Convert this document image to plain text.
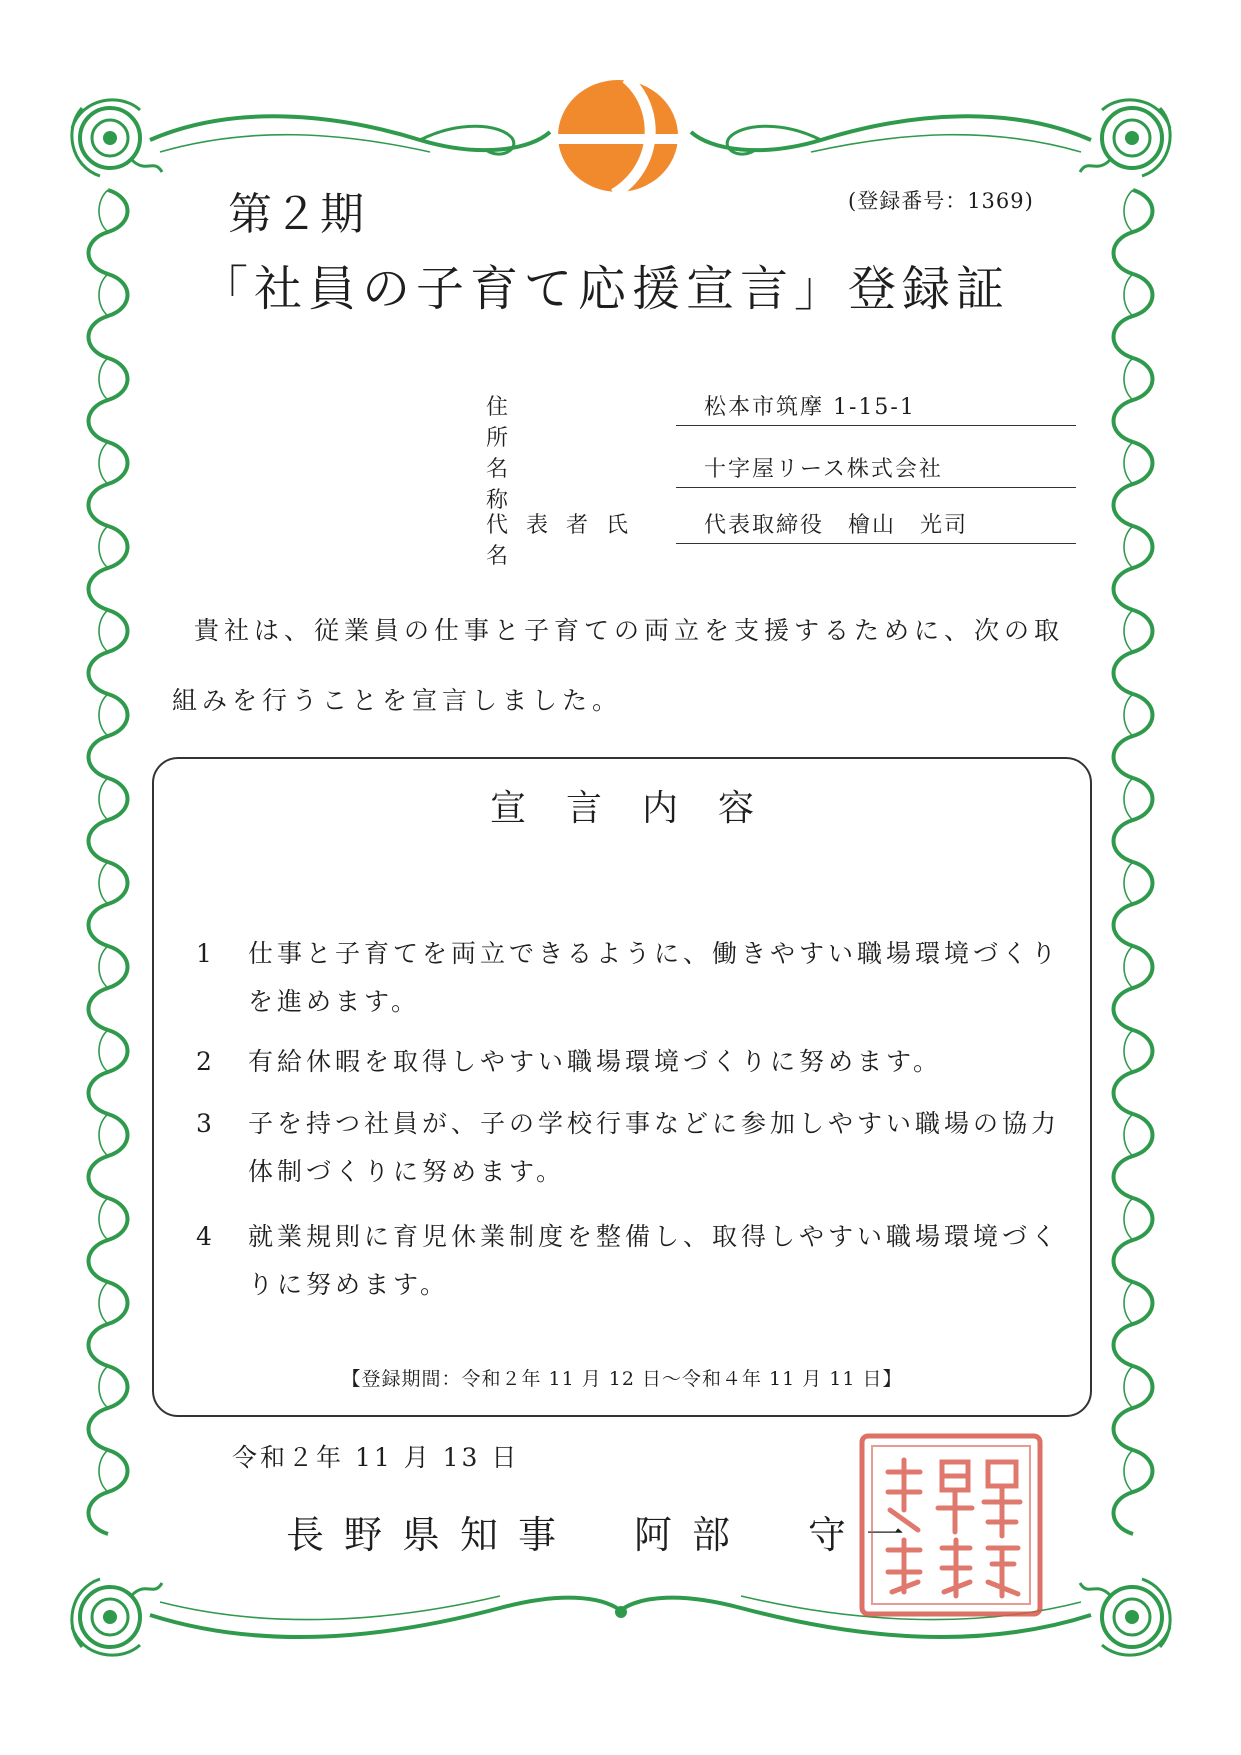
第２期	(登録番号：1369)
「社員の子育て応援宣言」登録証
住所
松本市筑摩 1-15-1
名称
十字屋リース株式会社
代表者氏名
代表取締役　檜山　光司

貴社は、従業員の仕事と子育ての両立を支援するために、次の取組みを行うことを宣言しました。

宣言内容
1	仕事と子育てを両立できるように、働きやすい職場環境づくりを進めます。
2	有給休暇を取得しやすい職場環境づくりに努めます。
3	子を持つ社員が、子の学校行事などに参加しやすい職場の協力体制づくりに努めます。
4	就業規則に育児休業制度を整備し、取得しやすい職場環境づくりに努めます。
【登録期間：令和２年 11 月 12 日～令和４年 11 月 11 日】
令和２年 11 月 13 日
長野県知事　阿部　守一
